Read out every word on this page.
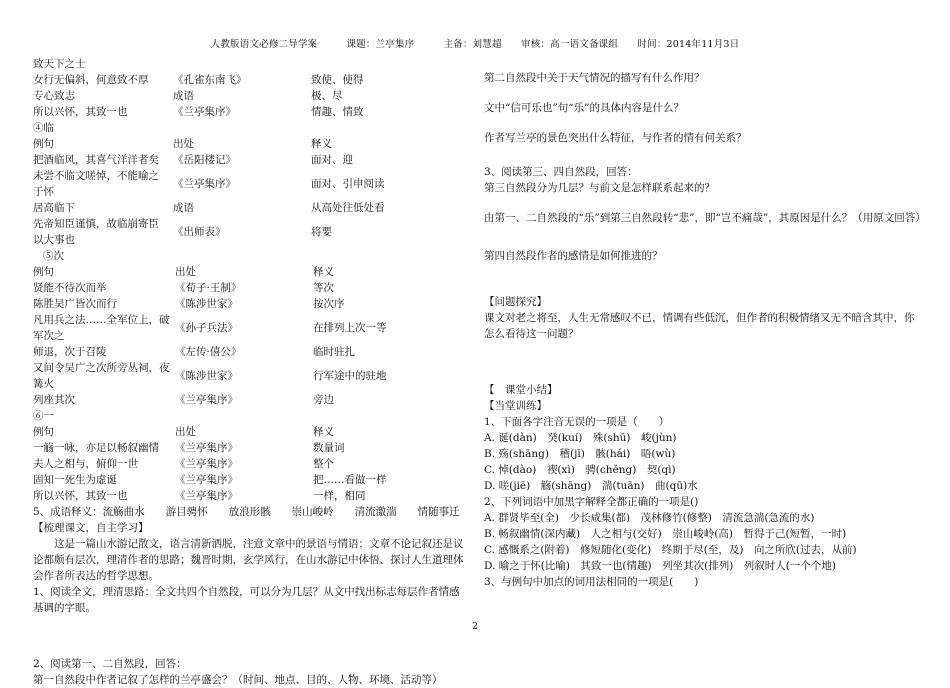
人教版语文必修二导学案　　　课题：兰亭集序　　　主备：刘慧超　　审核：高一语文备课组　　时间：2014年11月3日
致天下之士
女行无偏斜，何意致不厚	《孔雀东南飞》	致使、使得
专心致志	成语	极、尽
所以兴怀，其致一也	《兰亭集序》	情趣、情致
④临
例句	出处	释义
把酒临风，其喜气洋洋者矣	《岳阳楼记》	面对、迎
未尝不临文嗟悼，不能喻之于怀
《兰亭集序》	面对、引申阅读
居高临下	成语	从高处往低处看
先帝知臣谨慎，故临崩寄臣以大事也
《出师表》	将要
⑤次
例句	出处	释义
贤能不待次而举	《荀子·王制》	等次
陈胜吴广皆次而行	《陈涉世家》	按次序
凡用兵之法……全军位上，破军次之
《孙子兵法》	在排列上次一等
师退，次于召陵	《左传·僖公》	临时驻扎
又间令吴广之次所旁丛祠，夜篝火
《陈涉世家》	行军途中的驻地
列座其次	《兰亭集序》	旁边
⑥一
例句	出处	释义
一觞一咏，亦足以畅叙幽情	《兰亭集序》	数量词
夫人之相与，俯仰一世	《兰亭集序》	整个
固知一死生为虚诞	《兰亭集序》	把……看做一样
所以兴怀，其致一也	《兰亭集序》	一样，相同
5、成语释义：流觞曲水　　游目骋怀　　放浪形骸　　崇山峻岭　　清流激湍　　情随事迁
【梳理课文，自主学习】
这是一篇山水游记散文，语言清新洒脱，注意文章中的景语与情语；文章不论记叙还是议论都颇有层次，理清作者的思路；魏晋时期，玄学风行，在山水游记中体悟、探讨人生道理体会作者所表达的哲学思想。
1、阅读全文，理清思路：全文共四个自然段，可以分为几层？从文中找出标志每层作者情感基调的字眼。
2、阅读第一、二自然段，回答：
第一自然段中作者记叙了怎样的兰亭盛会？（时间、地点、目的、人物、环境、活动等）
第二自然段中关于天气情况的描写有什么作用？
文中“信可乐也”句“乐”的具体内容是什么？
作者写兰亭的景色突出什么特征，与作者的情有何关系？
3、阅读第三、四自然段，回答：
第三自然段分为几层？与前文是怎样联系起来的？
由第一、二自然段的“乐”到第三自然段转“悲”，即“岂不痛哉”，其原因是什么？（用原文回答）
第四自然段作者的感情是如何推进的？
【问题探究】
课文对老之将至，人生无常感叹不已，情调有些低沉，但作者的积极情绪又无不暗含其中，你怎么看待这一问题？
【　课堂小结】
【当堂训练】
1、下面各字注音无误的一项是（　　）
A. 诞(dàn)　癸(kuí)　殊(shū)　峻(jùn)
B. 殇(shāng)　稽(jī)　骸(hái)　晤(wù)
C. 悼(dào)　禊(xì)　骋(chěng)　契(qì)
D. 嗟(jiē)　觞(shāng)　湍(tuān)　曲(qū)水
2、下列词语中加黑字解释全都正确的一项是()
A. 群贤毕至(全)　少长咸集(都)　茂林修竹(修整)　清流急湍(急流的水)
B. 畅叙幽情(深内藏)　人之相与(交好)　崇山峻岭(高)　暂得于己(短暂，一时)
C. 感慨系之(附着)　修短随化(变化)　终期于尽(至，及)　向之所欣(过去，从前)
D. 喻之于怀(比喻)　其致一也(情趣)　列坐其次(排列)　列叙时人(一个个地)
3、与例句中加点的词用法相同的一项是(　　)
2
